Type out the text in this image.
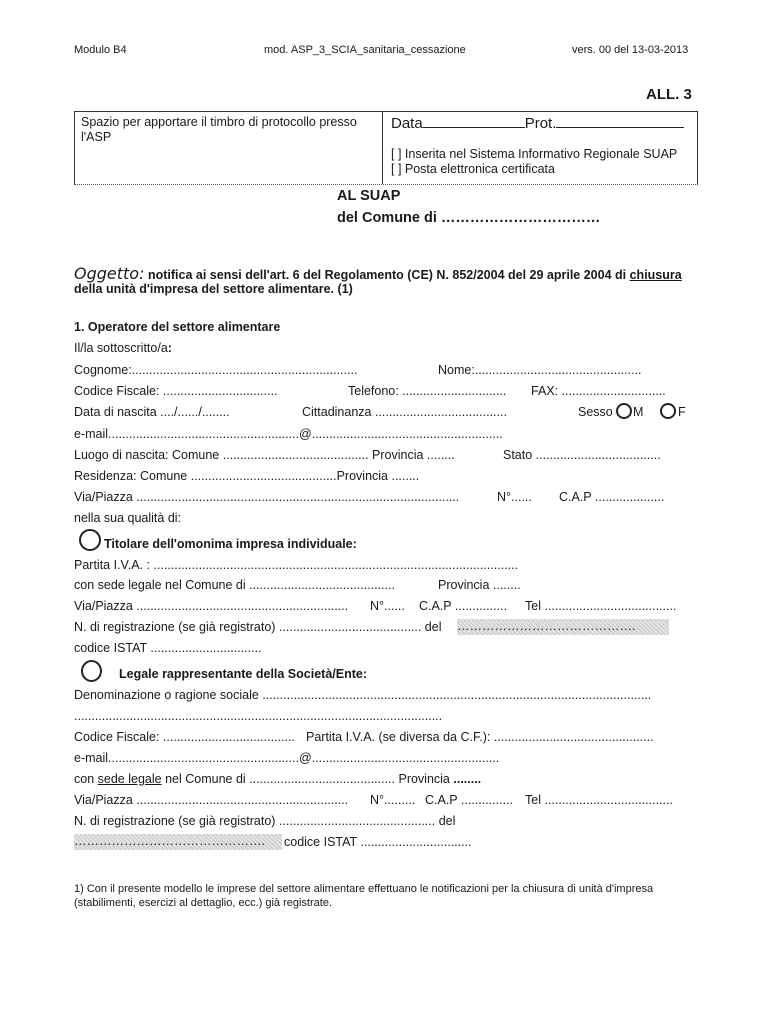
Modulo B4	mod. ASP_3_SCIA_sanitaria_cessazione	vers. 00 del 13-03-2013
ALL. 3
Spazio per apportare il timbro di protocollo presso
l'ASP
Data	Prot.
[ ] Inserita nel Sistema Informativo Regionale SUAP
[ ] Posta elettronica certificata
AL SUAP
del Comune di ……………………………
Oggetto: notifica ai sensi dell'art. 6 del Regolamento (CE) N. 852/2004 del 29 aprile 2004 di chiusura
della unità d'impresa del settore alimentare. (1)
1. Operatore del settore alimentare
Il/la sottoscritto/a:
Cognome:.................................................................	Nome:................................................
Codice Fiscale: .................................	Telefono: .............................. FAX: ..............................
Data di nascita ..../....../........	Cittadinanza ......................................	Sesso M	F
e-mail.......................................................@.......................................................
Luogo di nascita: Comune .......................................... Provincia ........	Stato ....................................
Residenza: Comune ..........................................Provincia ........
Via/Piazza .............................................................................................	N°...... C.A.P ....................
nella sua qualità di:
Titolare dell'omonima impresa individuale:
Partita I.V.A. : .........................................................................................................
con sede legale nel Comune di ..........................................	Provincia ........
Via/Piazza ............................................................. N°...... C.A.P ............... Tel ......................................
N. di registrazione (se già registrato) ......................................... del …………………………………….
codice ISTAT ................................
Legale rappresentante della Società/Ente:
Denominazione o ragione sociale ................................................................................................................
..........................................................................................................
Codice Fiscale: ...................................... Partita I.V.A. (se diversa da C.F.): ..............................................
e-mail.......................................................@......................................................
con sede legale nel Comune di .......................................... Provincia ........
Via/Piazza ............................................................. N°......... C.A.P ............... Tel .....................................
N. di registrazione (se già registrato) ............................................. del
……………………………………….	codice ISTAT ................................
1) Con il presente modello le imprese del settore alimentare effettuano le notificazioni per la chiusura di unità d'impresa
(stabilimenti, esercizi al dettaglio, ecc.) già registrate.
